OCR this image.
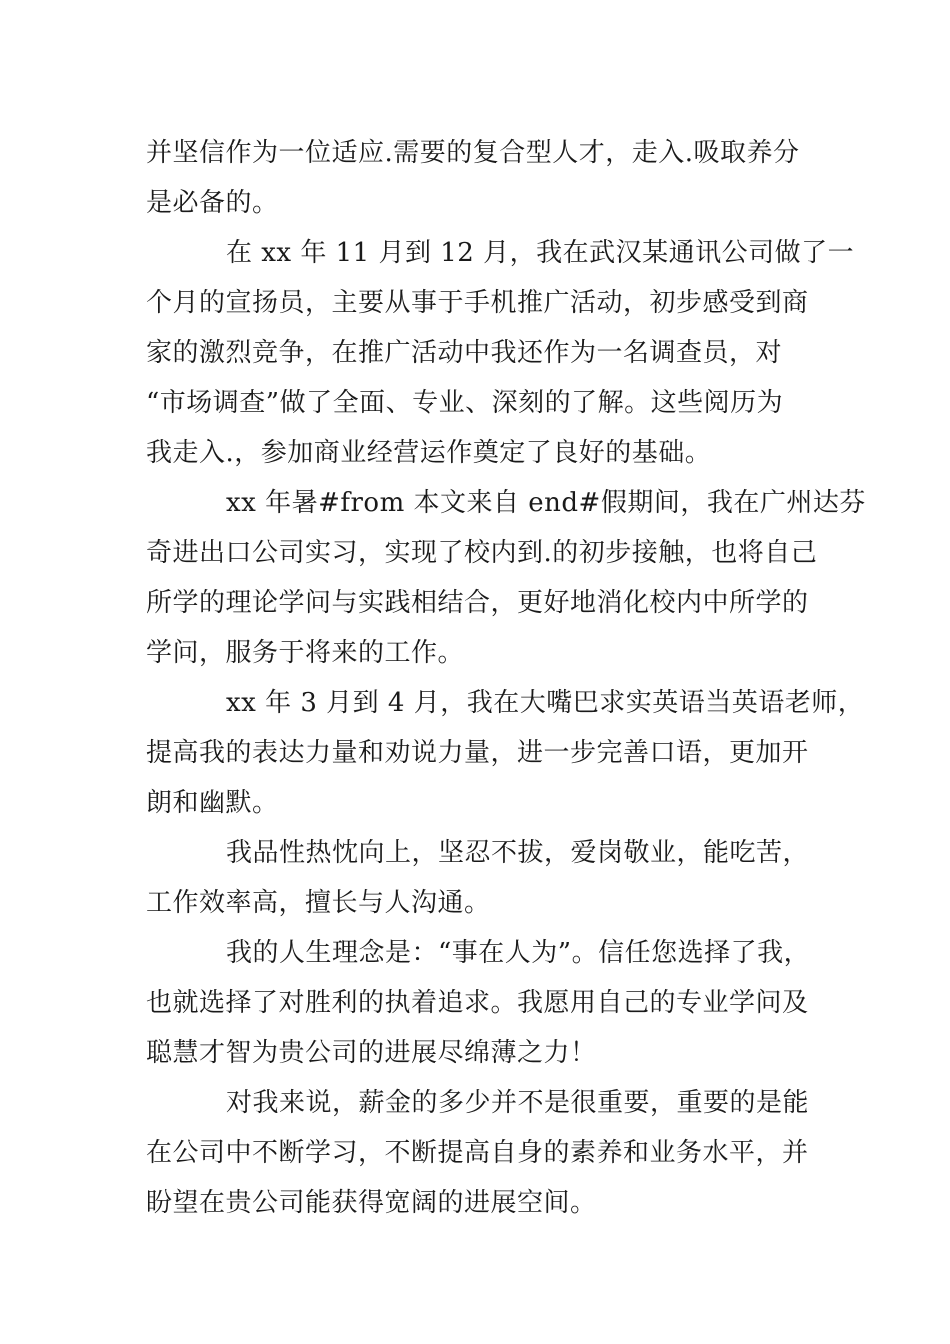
并坚信作为一位适应.需要的复合型人才，走入.吸取养分
是必备的。
在 xx 年 11 月到 12 月，我在武汉某通讯公司做了一
个月的宣扬员，主要从事于手机推广活动，初步感受到商
家的激烈竞争，在推广活动中我还作为一名调查员，对
“市场调查”做了全面、专业、深刻的了解。这些阅历为
我走入.，参加商业经营运作奠定了良好的基础。
xx 年暑#from 本文来自 end#假期间，我在广州达芬
奇进出口公司实习，实现了校内到.的初步接触，也将自己
所学的理论学问与实践相结合，更好地消化校内中所学的
学问，服务于将来的工作。
xx 年 3 月到 4 月，我在大嘴巴求实英语当英语老师，
提高我的表达力量和劝说力量，进一步完善口语，更加开
朗和幽默。
我品性热忱向上，坚忍不拔，爱岗敬业，能吃苦，
工作效率高，擅长与人沟通。
我的人生理念是：“事在人为”。信任您选择了我，
也就选择了对胜利的执着追求。我愿用自己的专业学问及
聪慧才智为贵公司的进展尽绵薄之力！
对我来说，薪金的多少并不是很重要，重要的是能
在公司中不断学习，不断提高自身的素养和业务水平，并
盼望在贵公司能获得宽阔的进展空间。
